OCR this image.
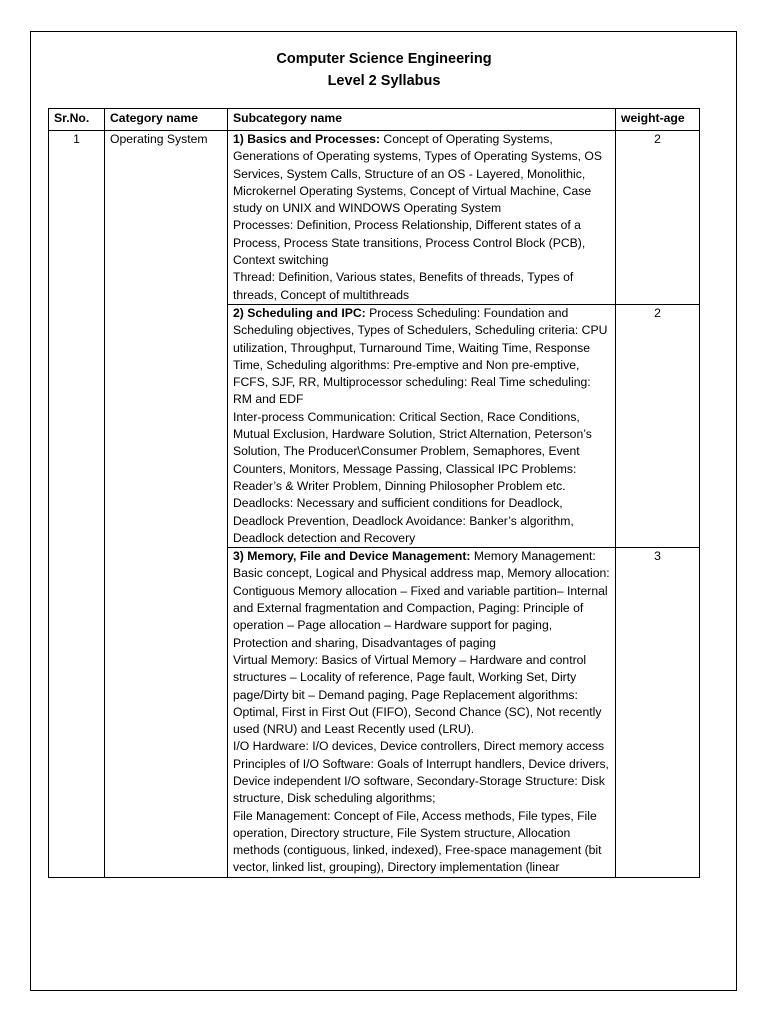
Computer Science Engineering
Level 2 Syllabus
Sr.No.	Category name	Subcategory name	weight-age
1	Operating System	1) Basics and Processes: Concept of Operating Systems, Generations of Operating systems, Types of Operating Systems, OS Services, System Calls, Structure of an OS - Layered, Monolithic, Microkernel Operating Systems, Concept of Virtual Machine, Case study on UNIX and WINDOWS Operating System

Processes: Definition, Process Relationship, Different states of a Process, Process State transitions, Process Control Block (PCB), Context switching

Thread: Definition, Various states, Benefits of threads, Types of threads, Concept of multithreads	2

		2) Scheduling and IPC: Process Scheduling: Foundation and Scheduling objectives, Types of Schedulers, Scheduling criteria: CPU utilization, Throughput, Turnaround Time, Waiting Time, Response Time, Scheduling algorithms: Pre-emptive and Non pre-emptive, FCFS, SJF, RR, Multiprocessor scheduling: Real Time scheduling: RM and EDF

Inter-process Communication: Critical Section, Race Conditions, Mutual Exclusion, Hardware Solution, Strict Alternation, Peterson’s Solution, The Producer\Consumer Problem, Semaphores, Event Counters, Monitors, Message Passing, Classical IPC Problems: Reader’s & Writer Problem, Dinning Philosopher Problem etc.

Deadlocks: Necessary and sufficient conditions for Deadlock, Deadlock Prevention, Deadlock Avoidance: Banker’s algorithm, Deadlock detection and Recovery	2

		3) Memory, File and Device Management: Memory Management: Basic concept, Logical and Physical address map, Memory allocation: Contiguous Memory allocation – Fixed and variable partition– Internal and External fragmentation and Compaction, Paging: Principle of operation – Page allocation – Hardware support for paging, Protection and sharing, Disadvantages of paging

Virtual Memory: Basics of Virtual Memory – Hardware and control structures – Locality of reference, Page fault, Working Set, Dirty page/Dirty bit – Demand paging, Page Replacement algorithms: Optimal, First in First Out (FIFO), Second Chance (SC), Not recently used (NRU) and Least Recently used (LRU).

I/O Hardware: I/O devices, Device controllers, Direct memory access Principles of I/O Software: Goals of Interrupt handlers, Device drivers, Device independent I/O software, Secondary-Storage Structure: Disk structure, Disk scheduling algorithms;

File Management: Concept of File, Access methods, File types, File operation, Directory structure, File System structure, Allocation methods (contiguous, linked, indexed), Free-space management (bit vector, linked list, grouping), Directory implementation (linear	3
